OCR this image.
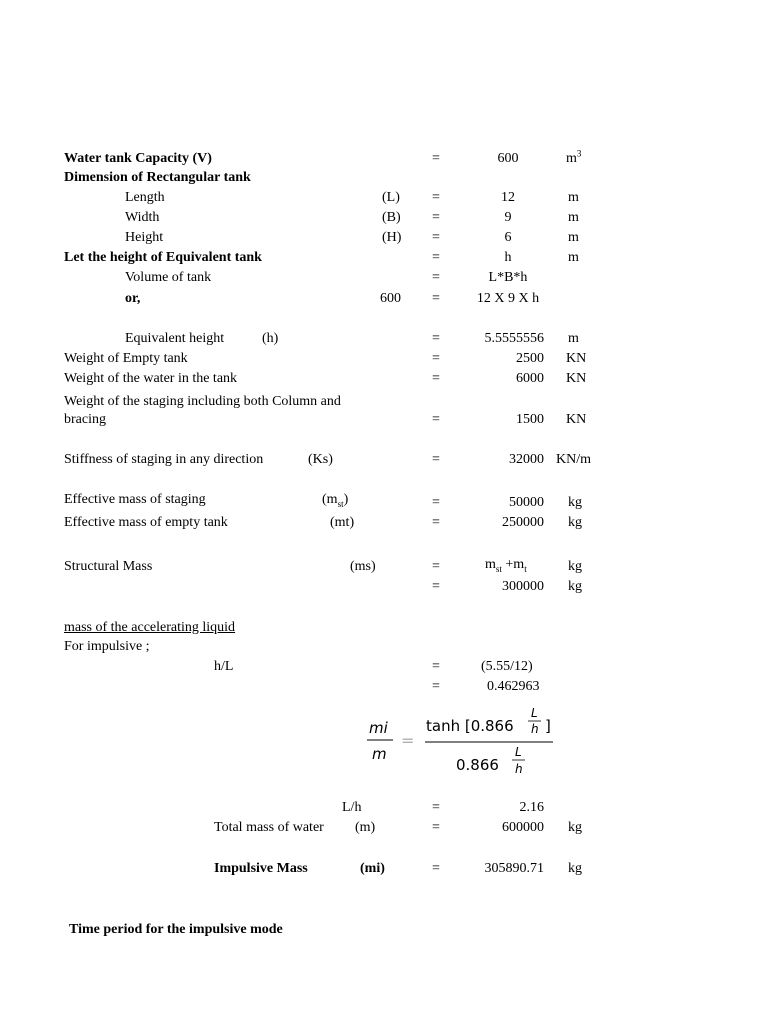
Water tank Capacity (V)	=	600	$m^3$
Dimension of Rectangular tank
Length	(L) =	12	m
Width	(B) =	9	m
Height	(H) =	6	m
Let the height of Equivalent tank	=	h	m
Volume of tank	=	L*B*h
or,	600 =	12 X 9 X h
Equivalent height	(h)	=	5.5555556 m
Weight of Empty tank	=	2500 KN
Weight of the water in the tank	=	6000 KN
Weight of the staging including both Column and
bracing	=	1500 KN
Stiffness of staging in any direction	(Ks)	=	32000 KN/m
Effective mass of staging	$(m_{st})$	=	50000 kg
Effective mass of empty tank	(mt)	=	250000 kg
Structural Mass	(ms)	=	$m_{st} +m_t$	kg
=	300000 kg
mass of the accelerating liquid
For impulsive ;
h/L	=	(5.55/12)
=	0.462963
mi
m
=
tanh [0.866
L
h ]
0.866
L
h
L/h	=	2.16
Total mass of water (m)	=	600000 kg
Impulsive Mass	(mi)	=	305890.71 kg
Time period for the impulsive mode
